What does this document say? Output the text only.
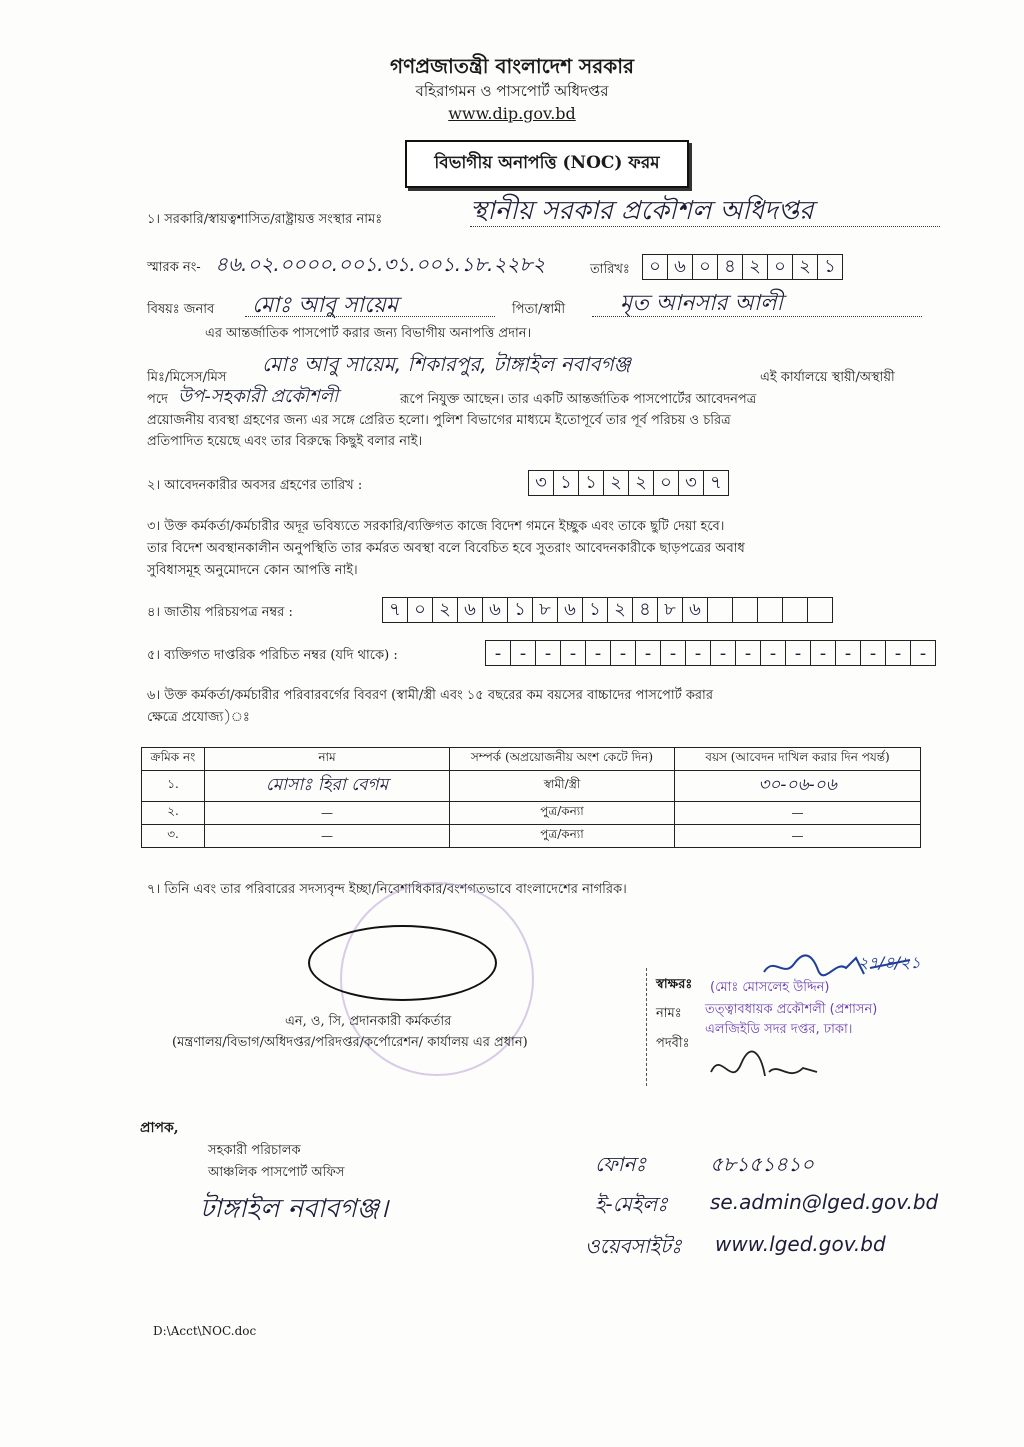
গণপ্রজাতন্ত্রী বাংলাদেশ সরকার
বহিরাগমন ও পাসপোর্ট অধিদপ্তর
www.dip.gov.bd
বিভাগীয় অনাপত্তি (NOC) ফরম
১। সরকারি/স্বায়ত্বশাসিত/রাষ্ট্রায়ত্ত সংস্থার নামঃ	স্থানীয় সরকার প্রকৌশল অধিদপ্তর
স্মারক নং- ৪৬.০২.০০০০.০০১.৩১.০০১.১৮.২২৮২	তারিখঃ	০ ৬ ০ ৪ ২ ০ ২ ১
বিষয়ঃ জনাব মোঃ আবু সায়েম	পিতা/স্বামী মৃত আনসার আলী
এর আন্তর্জাতিক পাসপোর্ট করার জন্য বিভাগীয় অনাপত্তি প্রদান।
মিঃ/মিসেস/মিস
মোঃ আবু সায়েম, শিকারপুর, টাঙ্গাইল নবাবগঞ্জ
এই কার্যালয়ে স্থায়ী/অস্থায়ী
পদে উপ-সহকারী প্রকৌশলী	রূপে নিযুক্ত আছেন। তার একটি আন্তর্জাতিক পাসপোর্টের আবেদনপত্র
প্রয়োজনীয় ব্যবস্থা গ্রহণের জন্য এর সঙ্গে প্রেরিত হলো। পুলিশ বিভাগের মাধ্যমে ইতোপূর্বে তার পূর্ব পরিচয় ও চরিত্র
প্রতিপাদিত হয়েছে এবং তার বিরুদ্ধে কিছুই বলার নাই।
২। আবেদনকারীর অবসর গ্রহণের তারিখ :	৩ ১ ১ ২ ২ ০ ৩ ৭
৩। উক্ত কর্মকর্তা/কর্মচারীর অদূর ভবিষ্যতে সরকারি/ব্যক্তিগত কাজে বিদেশ গমনে ইচ্ছুক এবং তাকে ছুটি দেয়া হবে।
তার বিদেশ অবস্থানকালীন অনুপস্থিতি তার কর্মরত অবস্থা বলে বিবেচিত হবে সুতরাং আবেদনকারীকে ছাড়পত্রের অবাধ
সুবিধাসমূহ অনুমোদনে কোন আপত্তি নাই।
৪। জাতীয় পরিচয়পত্র নম্বর :	৭ ০ ২ ৬ ৬ ১ ৮ ৬ ১ ২ ৪ ৮ ৬
৫। ব্যক্তিগত দাপ্তরিক পরিচিত নম্বর (যদি থাকে) :	-	-	-	-	-	-	-	-	-	-	-	-	-	-	-	-	-	-
৬। উক্ত কর্মকর্তা/কর্মচারীর পরিবারবর্গের বিবরণ (স্বামী/স্ত্রী এবং ১৫ বছরের কম বয়সের বাচ্চাদের পাসপোর্ট করার
ক্ষেত্রে প্রযোজ্য)ঃ
ক্রমিক নং	নাম	সম্পর্ক (অপ্রয়োজনীয় অংশ কেটে দিন)	বয়স (আবেদন দাখিল করার দিন পযর্ন্ত)
১.	মোসাঃ হিরা বেগম	স্বামী/স্ত্রী	৩০-০৬-০৬
২.	—	পুত্র/কন্যা	—
৩.	—	পুত্র/কন্যা	—
৭। তিনি এবং তার পরিবারের সদস্যবৃন্দ ইচ্ছা/নিবেশাধিকার/বংশগতভাবে বাংলাদেশের নাগরিক।
এন, ও, সি, প্রদানকারী কর্মকর্তার
(মন্ত্রণালয়/বিভাগ/অধিদপ্তর/পরিদপ্তর/কর্পোরেশন/ কার্যালয় এর প্রধান)
স্বাক্ষরঃ
নামঃ
পদবীঃ
২৭/৪/২১
(মোঃ মোসলেহ উদ্দিন)
তত্ত্বাবধায়ক প্রকৌশলী (প্রশাসন)
এলজিইডি সদর দপ্তর, ঢাকা।
প্রাপক,
সহকারী পরিচালক
আঞ্চলিক পাসপোর্ট অফিস
টাঙ্গাইল নবাবগঞ্জ।
ফোনঃ	৫৮১৫১৪১০
ই-মেইলঃ se.admin@lged.gov.bd
ওয়েবসাইটঃ www.lged.gov.bd
D:\Acct\NOC.doc
